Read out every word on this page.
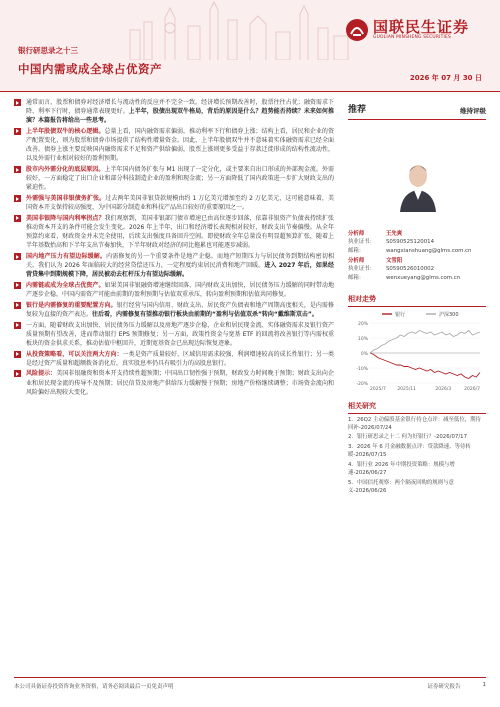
国联民生证券
GUOLIAN MINSHENG SECURITIES
银行研思录之十三
中国内需或成全球占优资产
2026 年 07 月 30 日
通常而言，股票和债券对经济增长与流动性的反应并不完全一致。经济增长预期改善时，股票往往占优；融资需求下降、利率下行时，债券通常表现更好。上半年，股债出现双牛格局，背后的原因是什么？趋势能否持续？未来如何推演？本篇报告将给出一些思考。
上半年股债双牛的核心逻辑。总量上看，国内融资需求偏弱，推动利率下行和债券上涨；结构上看，居民和企业的资产配置变化，则为股票和债券市场提供了结构性增量资金。因此，上半年股债双牛并不意味着实体融资需求已经全面改善。债券上涨主要反映国内融资需求不足和资产供给偏弱，股票上涨则更多受益于存款迁徙形成的结构性流动性，以及外需行业相对较好的盈利预期。
股市内外需分化的底层原因。上半年国内债务扩张与 M1 出现了一定分化，或主要来自出口形成的外部现金流。外需较好，一方面稳定了出口企业和部分科技制造企业的盈利和现金流；另一方面降低了国内政策进一步扩大财政支出的紧迫性。
外需强与美国非银债务扩张。过去两年美国非银贷款规模由约 1 万亿美元增加至约 2 万亿美元，这可能意味着，美国资本开支保持较高强度，为中国部分制造业和科技产品出口较好的重要原因之一。
美国非银降与国内利率拐点？我们观察到，美国非银部门债市增速已由高位逐步回落，依靠非银资产负债表持续扩张推动资本开支的条件可能会发生变化。2026 年上半年，出口和经济增长表现相对较好，财政支出节奏偏慢。从全年预算约束看，财政资金并未完全使用，后续支出强度具备回升空间。即使财政全年总量没有明显超预算扩张，随着上半年基数抬高和下半年支出节奏加快，下半年财政对经济的同比拖累也可能逐步减弱。
国内地产压力有望边际缓解。内需修复的另一个重要条件是地产企稳。而地产短期压力与居民债务到期结构密切相关。我们认为 2026 年面临较大的经营贷偿还压力，一定程度约束居民消费和地产回暖。进入 2027 年后，如果经营贷集中到期规模下降，居民被动去杠杆压力有望边际缓解。
内需链或成为全球占优资产。如果美国非银融资增速继续回落，国内财政支出加快，居民债务压力缓解的同时带动地产逐步企稳，中国内需资产可能由前期的盈利预期与估值双重承压，转向盈利预期和估值共同修复。
银行是内需修复的重要配置方向。银行经营与国内信用、财政支出、居民资产负债表和地产周期高度相关，是内需修复较为直接的资产表达。往后看，内需修复有望推动银行板块由前期的“盈利与估值双杀”转向“戴维斯双击”。
一方面，随着财政支出加快、居民债务压力缓解以及房地产逐步企稳，企业和居民现金流、实体融资需求及银行资产质量预期有望改善，进而带动银行 EPS 预期修复；另一方面，政策性资金与宽基 ETF 的回流将改善银行等内需权重板块的资金供求关系，推动估值中枢回升，近期宽基资金已出现边际恢复迹象。
从投资策略看，可以关注两大方向：一类是资产质量较好、区域信用需求较强、利润增速较高的成长性银行；另一类是经过资产质量和超额拨备消化后，真实股息率仍具有吸引力的高股息银行。
风险提示：美国非银融资和资本开支持续性超预期；中国出口韧性强于预期，财政发力时间晚于预期；财政支出向企业和居民现金流的传导不及预期；居民信贷及房地产供给压力缓解慢于预期；房地产价格继续调整；市场资金流向和风险偏好出现较大变化。
推荐	维持评级
分析师	王先爽
执业证书：	S0590525120014
邮箱：	wangxianshuang@glms.com.cn
分析师	文雪阳
执业证书：	S0590526010002
邮箱：	wenxueyang@glms.com.cn
相对走势
银行	沪深300
20%
10%
0%
-10%
-20%
2025/7	2025/11	2026/3	2026/7
相关研究
1．26Q2 主动偏股基金银行持仓点评：减至低位，期待回补-2026/07/24
2．银行研思录之十二 何为好银行？-2026/07/17
3．2026 年 6 月金融数据点评：贷款降速、等待转暖-2026/07/15
4．银行业 2026 年中期投资策略：规模与增速-2026/06/27
5．中国信托观察：两个隔夜回购的规则与意义-2026/06/26
本公司具备证券投资咨询业务资格，请务必阅读最后一页免责声明	证券研究报告	1
